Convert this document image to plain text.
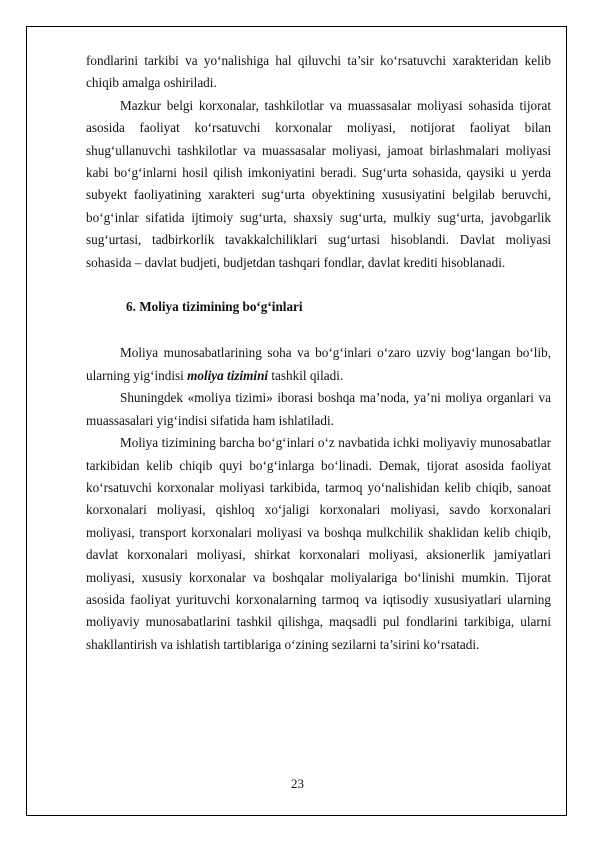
fondlarini tarkibi va yo‘nalishiga hal qiluvchi ta’sir ko‘rsatuvchi xarakteridan kelib chiqib amalga oshiriladi.

Mazkur belgi korxonalar, tashkilotlar va muassasalar moliyasi sohasida tijorat asosida faoliyat ko‘rsatuvchi korxonalar moliyasi, notijorat faoliyat bilan shug‘ullanuvchi tashkilotlar va muassasalar moliyasi, jamoat birlashmalari moliyasi kabi bo‘g‘inlarni hosil qilish imkoniyatini beradi. Sug‘urta sohasida, qaysiki u yerda subyekt faoliyatining xarakteri sug‘urta obyektining xususiyatini belgilab beruvchi, bo‘g‘inlar sifatida ijtimoiy sug‘urta, shaxsiy sug‘urta, mulkiy sug‘urta, javobgarlik sug‘urtasi, tadbirkorlik tavakkalchiliklari sug‘urtasi hisoblandi. Davlat moliyasi sohasida – davlat budjeti, budjetdan tashqari fondlar, davlat krediti hisoblanadi.

6. Moliya tizimining bo‘g‘inlari

Moliya munosabatlarining soha va bo‘g‘inlari o‘zaro uzviy bog‘langan bo‘lib, ularning yig‘indisi moliya tizimini tashkil qiladi.

Shuningdek «moliya tizimi» iborasi boshqa ma’noda, ya’ni moliya organlari va muassasalari yig‘indisi sifatida ham ishlatiladi.

Moliya tizimining barcha bo‘g‘inlari o‘z navbatida ichki moliyaviy munosabatlar tarkibidan kelib chiqib quyi bo‘g‘inlarga bo‘linadi. Demak, tijorat asosida faoliyat ko‘rsatuvchi korxonalar moliyasi tarkibida, tarmoq yo‘nalishidan kelib chiqib, sanoat korxonalari moliyasi, qishloq xo‘jaligi korxonalari moliyasi, savdo korxonalari moliyasi, transport korxonalari moliyasi va boshqa mulkchilik shaklidan kelib chiqib, davlat korxonalari moliyasi, shirkat korxonalari moliyasi, aksionerlik jamiyatlari moliyasi, xususiy korxonalar va boshqalar moliyalariga bo‘linishi mumkin. Tijorat asosida faoliyat yurituvchi korxonalarning tarmoq va iqtisodiy xususiyatlari ularning moliyaviy munosabatlarini tashkil qilishga, maqsadli pul fondlarini tarkibiga, ularni shakllantirish va ishlatish tartiblariga o‘zining sezilarni ta’sirini ko‘rsatadi.

23
